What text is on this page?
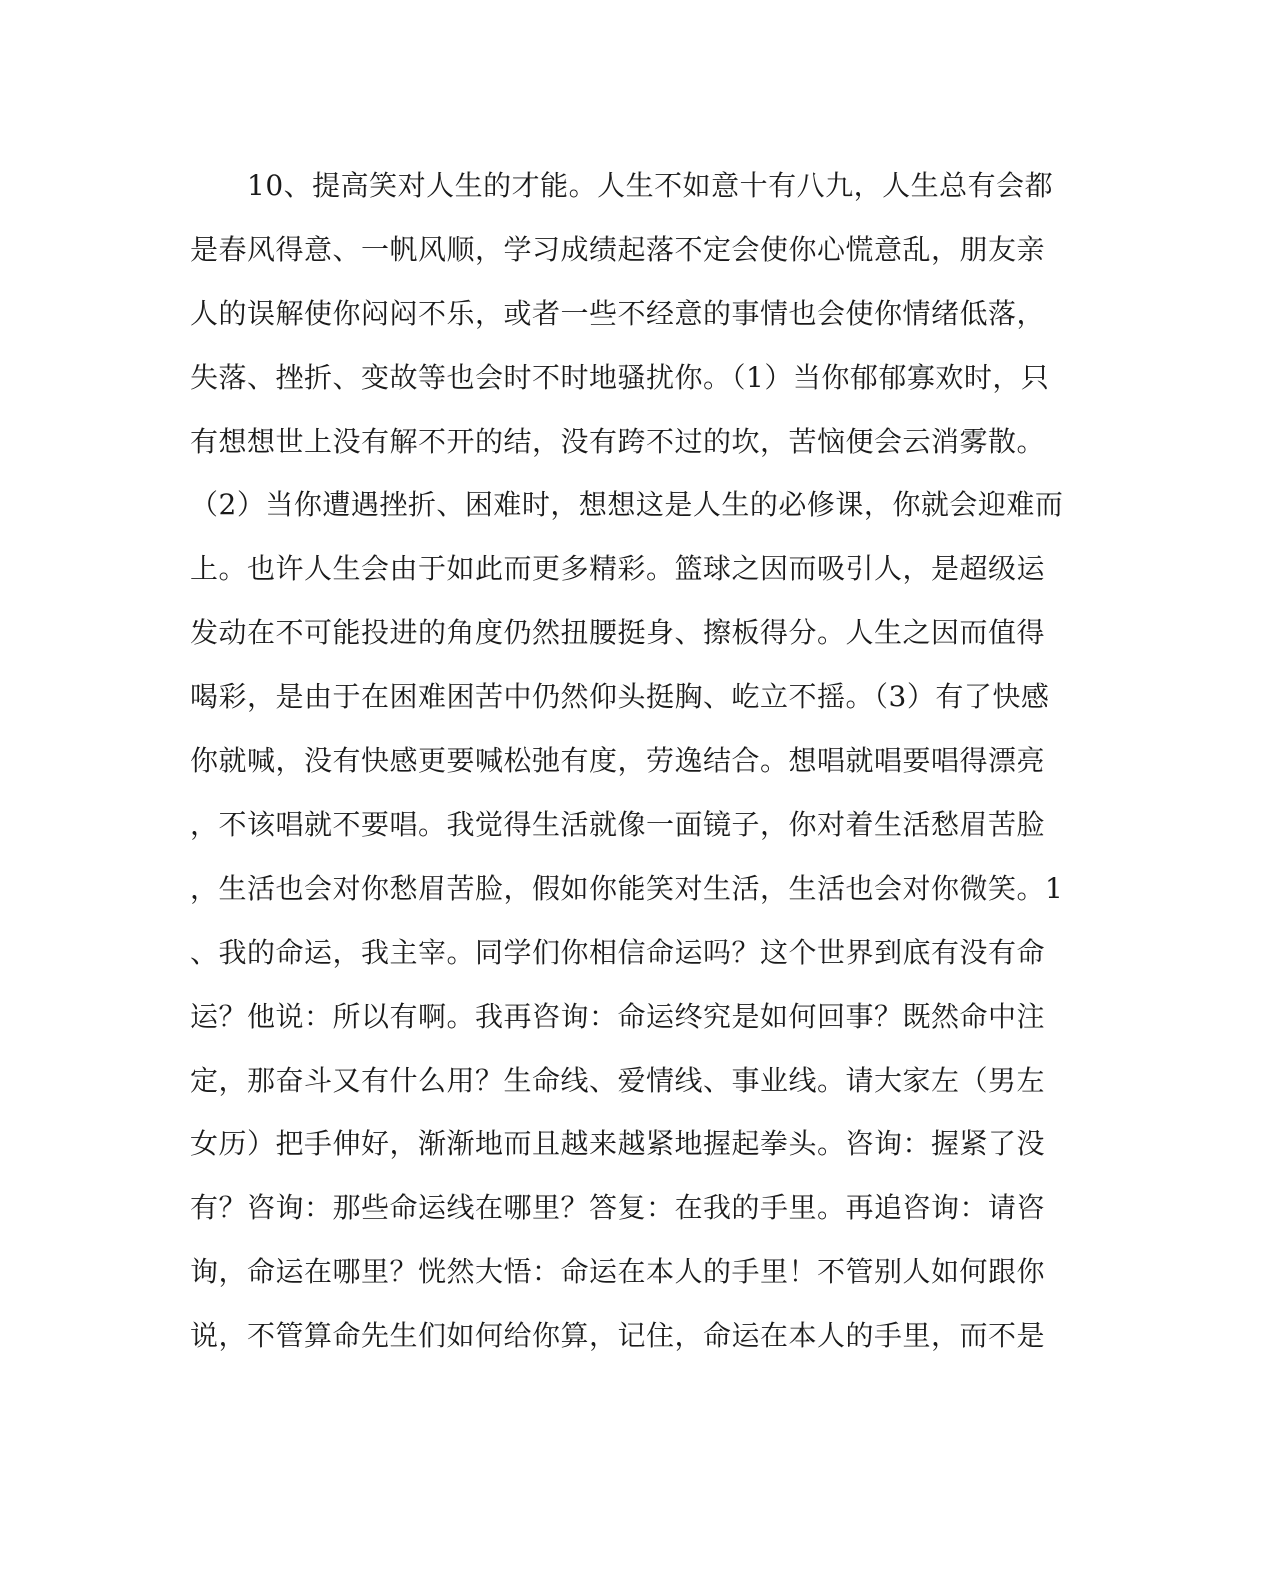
　　10、提高笑对人生的才能。人生不如意十有八九，人生总有会都
是春风得意、一帆风顺，学习成绩起落不定会使你心慌意乱，朋友亲
人的误解使你闷闷不乐，或者一些不经意的事情也会使你情绪低落，
失落、挫折、变故等也会时不时地骚扰你。（1）当你郁郁寡欢时，只
有想想世上没有解不开的结，没有跨不过的坎，苦恼便会云消雾散。
（2）当你遭遇挫折、困难时，想想这是人生的必修课，你就会迎难而
上。也许人生会由于如此而更多精彩。篮球之因而吸引人，是超级运
发动在不可能投进的角度仍然扭腰挺身、擦板得分。人生之因而值得
喝彩，是由于在困难困苦中仍然仰头挺胸、屹立不摇。（3）有了快感
你就喊，没有快感更要喊松弛有度，劳逸结合。想唱就唱要唱得漂亮
，不该唱就不要唱。我觉得生活就像一面镜子，你对着生活愁眉苦脸
，生活也会对你愁眉苦脸，假如你能笑对生活，生活也会对你微笑。1
、我的命运，我主宰。同学们你相信命运吗？这个世界到底有没有命
运？他说：所以有啊。我再咨询：命运终究是如何回事？既然命中注
定，那奋斗又有什么用？生命线、爱情线、事业线。请大家左（男左
女历）把手伸好，渐渐地而且越来越紧地握起拳头。咨询：握紧了没
有？咨询：那些命运线在哪里？答复：在我的手里。再追咨询：请咨
询，命运在哪里？恍然大悟：命运在本人的手里！不管别人如何跟你
说，不管算命先生们如何给你算，记住，命运在本人的手里，而不是
